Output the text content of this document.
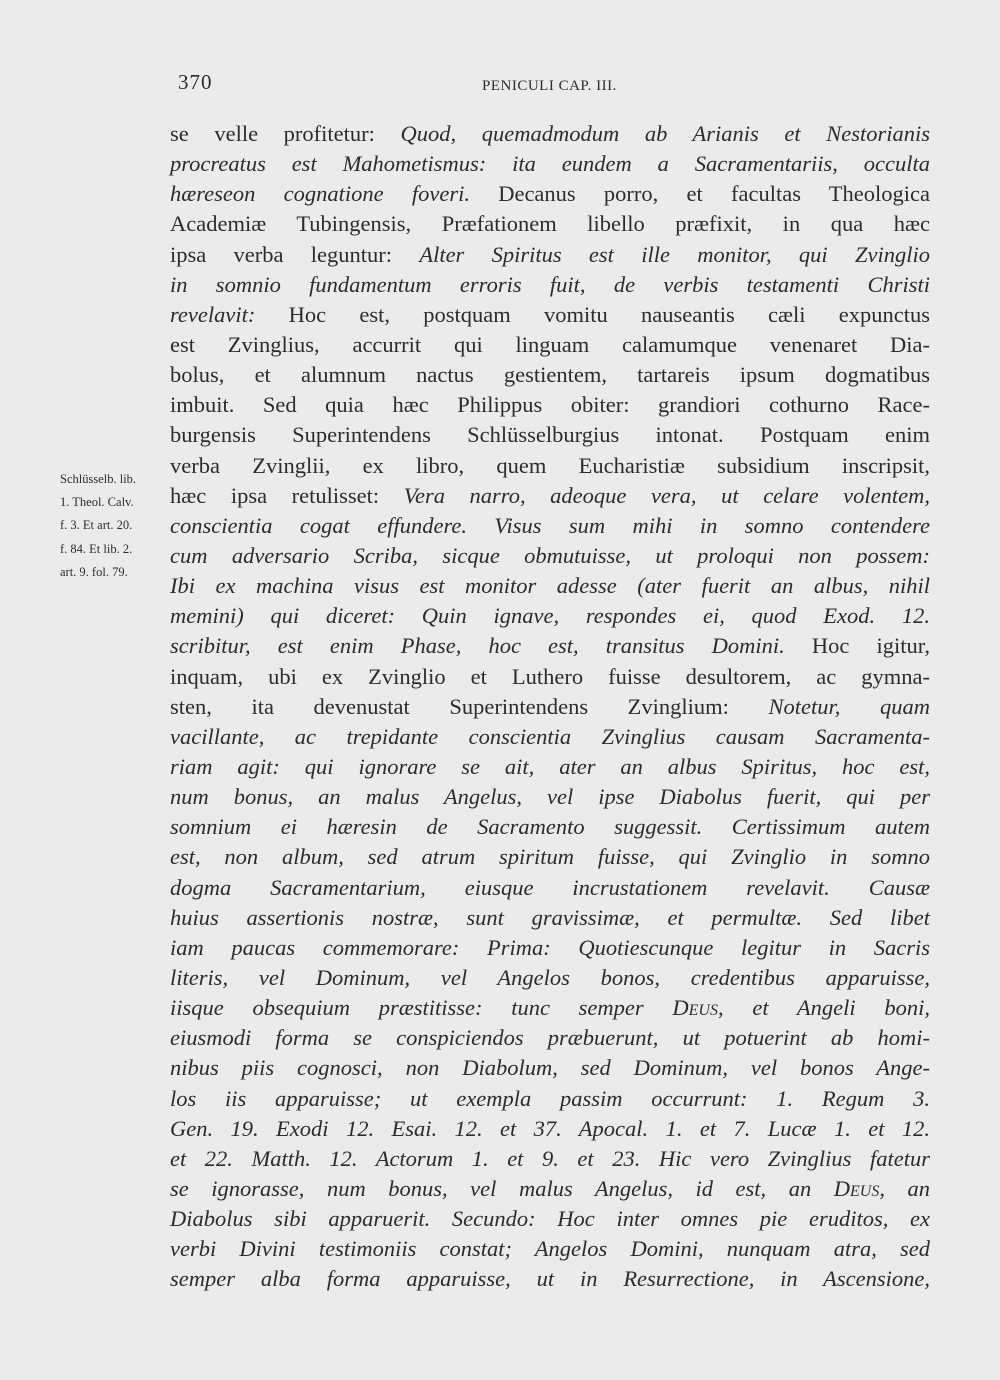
370	PENICULI CAP. III.
Schlüsselb. lib.
1. Theol. Calv.
f. 3. Et art. 20.
f. 84. Et lib. 2.
art. 9. fol. 79.
se velle profitetur: Quod, quemadmodum ab Arianis et Nestorianis
procreatus est Mahometismus: ita eundem a Sacramentariis, occulta
hæreseon cognatione foveri. Decanus porro, et facultas Theologica
Academiæ Tubingensis, Præfationem libello præfixit, in qua hæc
ipsa verba leguntur: Alter Spiritus est ille monitor, qui Zvinglio
in somnio fundamentum erroris fuit, de verbis testamenti Christi
revelavit: Hoc est, postquam vomitu nauseantis cæli expunctus
est Zvinglius, accurrit qui linguam calamumque venenaret Dia-
bolus, et alumnum nactus gestientem, tartareis ipsum dogmatibus
imbuit. Sed quia hæc Philippus obiter: grandiori cothurno Race-
burgensis Superintendens Schlüsselburgius intonat. Postquam enim
verba Zvinglii, ex libro, quem Eucharistiæ subsidium inscripsit,
hæc ipsa retulisset: Vera narro, adeoque vera, ut celare volentem,
conscientia cogat effundere. Visus sum mihi in somno contendere
cum adversario Scriba, sicque obmutuisse, ut proloqui non possem:
Ibi ex machina visus est monitor adesse (ater fuerit an albus, nihil
memini) qui diceret: Quin ignave, respondes ei, quod Exod. 12.
scribitur, est enim Phase, hoc est, transitus Domini. Hoc igitur,
inquam, ubi ex Zvinglio et Luthero fuisse desultorem, ac gymna-
sten, ita devenustat Superintendens Zvinglium: Notetur, quam
vacillante, ac trepidante conscientia Zvinglius causam Sacramenta-
riam agit: qui ignorare se ait, ater an albus Spiritus, hoc est,
num bonus, an malus Angelus, vel ipse Diabolus fuerit, qui per
somnium ei hæresin de Sacramento suggessit. Certissimum autem
est, non album, sed atrum spiritum fuisse, qui Zvinglio in somno
dogma Sacramentarium, eiusque incrustationem revelavit. Causæ
huius assertionis nostræ, sunt gravissimæ, et permultæ. Sed libet
iam paucas commemorare: Prima: Quotiescunque legitur in Sacris
literis, vel Dominum, vel Angelos bonos, credentibus apparuisse,
iisque obsequium præstitisse: tunc semper Deus, et Angeli boni,
eiusmodi forma se conspiciendos præbuerunt, ut potuerint ab homi-
nibus piis cognosci, non Diabolum, sed Dominum, vel bonos Ange-
los iis apparuisse; ut exempla passim occurrunt: 1. Regum 3.
Gen. 19. Exodi 12. Esai. 12. et 37. Apocal. 1. et 7. Lucæ 1. et 12.
et 22. Matth. 12. Actorum 1. et 9. et 23. Hic vero Zvinglius fatetur
se ignorasse, num bonus, vel malus Angelus, id est, an Deus, an
Diabolus sibi apparuerit. Secundo: Hoc inter omnes pie eruditos, ex
verbi Divini testimoniis constat; Angelos Domini, nunquam atra, sed
semper alba forma apparuisse, ut in Resurrectione, in Ascensione,
